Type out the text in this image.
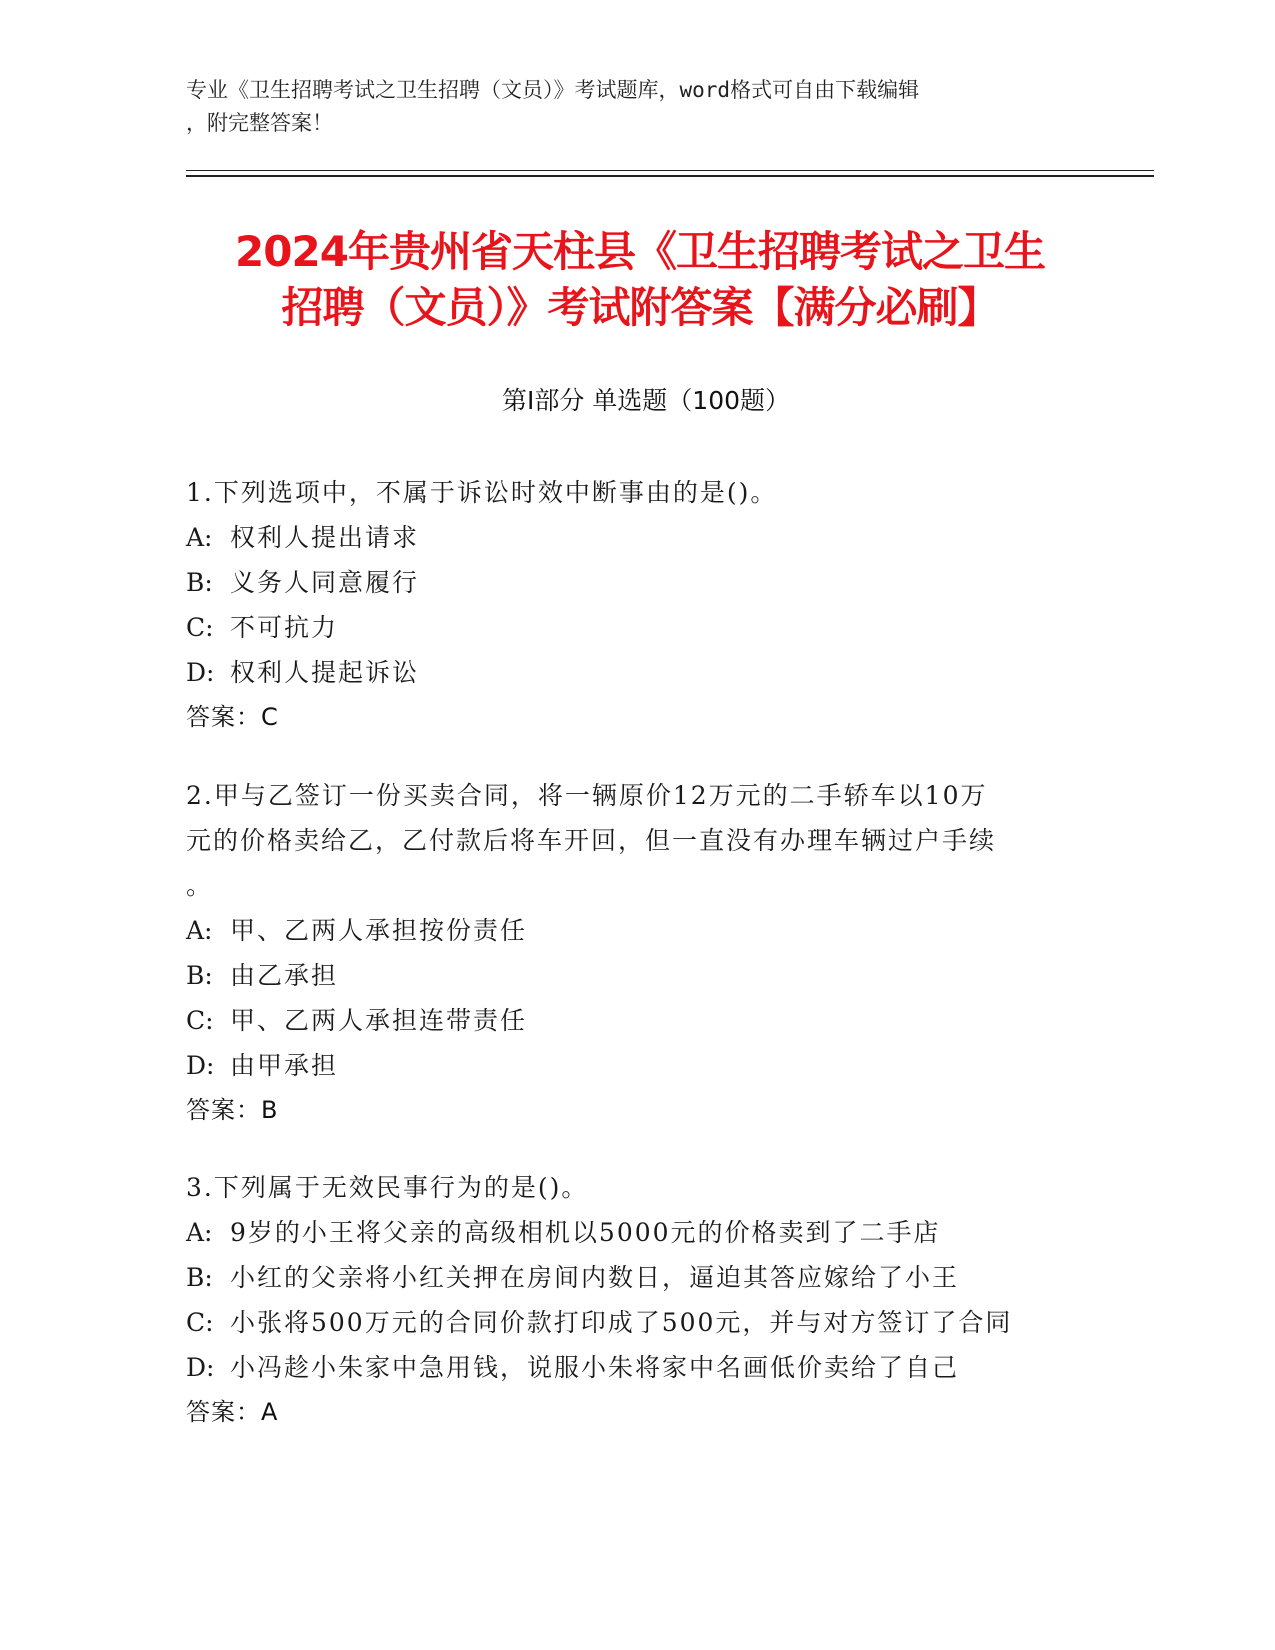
专业《卫生招聘考试之卫生招聘（文员）》考试题库，word格式可自由下载编辑
，附完整答案！
2024年贵州省天柱县《卫生招聘考试之卫生
招聘（文员）》考试附答案【满分必刷】
第Ⅰ部分 单选题（100题）
1.下列选项中，不属于诉讼时效中断事由的是()。
A: 权利人提出请求
B: 义务人同意履行
C: 不可抗力
D: 权利人提起诉讼
答案：C
2.甲与乙签订一份买卖合同，将一辆原价12万元的二手轿车以10万
元的价格卖给乙，乙付款后将车开回，但一直没有办理车辆过户手续
。
A: 甲、乙两人承担按份责任
B: 由乙承担
C: 甲、乙两人承担连带责任
D: 由甲承担
答案：B
3.下列属于无效民事行为的是()。
A: 9岁的小王将父亲的高级相机以5000元的价格卖到了二手店
B: 小红的父亲将小红关押在房间内数日，逼迫其答应嫁给了小王
C: 小张将500万元的合同价款打印成了500元，并与对方签订了合同
D: 小冯趁小朱家中急用钱，说服小朱将家中名画低价卖给了自己
答案：A
